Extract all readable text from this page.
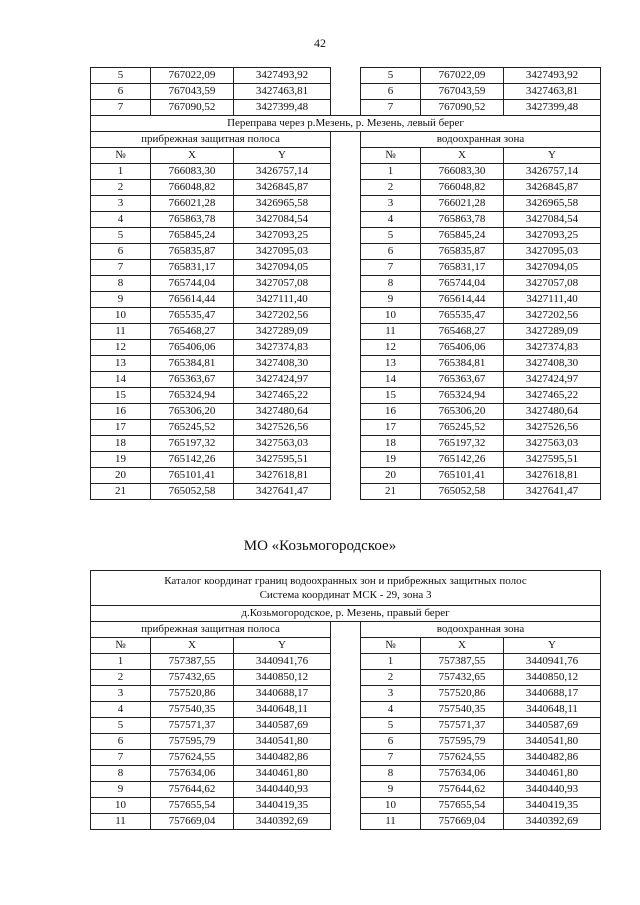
42
5	767022,09	3427493,92		5	767022,09	3427493,92
6	767043,59	3427463,81		6	767043,59	3427463,81
7	767090,52	3427399,48		7	767090,52	3427399,48
Переправа через р.Мезень, р. Мезень, левый берег						
прибрежная защитная полоса				водоохранная зона		
№	X	Y		№	X	Y
1	766083,30	3426757,14		1	766083,30	3426757,14
2	766048,82	3426845,87		2	766048,82	3426845,87
3	766021,28	3426965,58		3	766021,28	3426965,58
4	765863,78	3427084,54		4	765863,78	3427084,54
5	765845,24	3427093,25		5	765845,24	3427093,25
6	765835,87	3427095,03		6	765835,87	3427095,03
7	765831,17	3427094,05		7	765831,17	3427094,05
8	765744,04	3427057,08		8	765744,04	3427057,08
9	765614,44	3427111,40		9	765614,44	3427111,40
10	765535,47	3427202,56		10	765535,47	3427202,56
11	765468,27	3427289,09		11	765468,27	3427289,09
12	765406,06	3427374,83		12	765406,06	3427374,83
13	765384,81	3427408,30		13	765384,81	3427408,30
14	765363,67	3427424,97		14	765363,67	3427424,97
15	765324,94	3427465,22		15	765324,94	3427465,22
16	765306,20	3427480,64		16	765306,20	3427480,64
17	765245,52	3427526,56		17	765245,52	3427526,56
18	765197,32	3427563,03		18	765197,32	3427563,03
19	765142,26	3427595,51		19	765142,26	3427595,51
20	765101,41	3427618,81		20	765101,41	3427618,81
21	765052,58	3427641,47		21	765052,58	3427641,47
МО «Козьмогородское»
Каталог координат границ водоохранных зон и прибрежных защитных полос
Система координат МСК - 29, зона 3						

д.Козьмогородское, р. Мезень, правый берег						
прибрежная защитная полоса				водоохранная зона		
№	X	Y		№	X	Y
1	757387,55	3440941,76		1	757387,55	3440941,76
2	757432,65	3440850,12		2	757432,65	3440850,12
3	757520,86	3440688,17		3	757520,86	3440688,17
4	757540,35	3440648,11		4	757540,35	3440648,11
5	757571,37	3440587,69		5	757571,37	3440587,69
6	757595,79	3440541,80		6	757595,79	3440541,80
7	757624,55	3440482,86		7	757624,55	3440482,86
8	757634,06	3440461,80		8	757634,06	3440461,80
9	757644,62	3440440,93		9	757644,62	3440440,93
10	757655,54	3440419,35		10	757655,54	3440419,35
11	757669,04	3440392,69		11	757669,04	3440392,69
